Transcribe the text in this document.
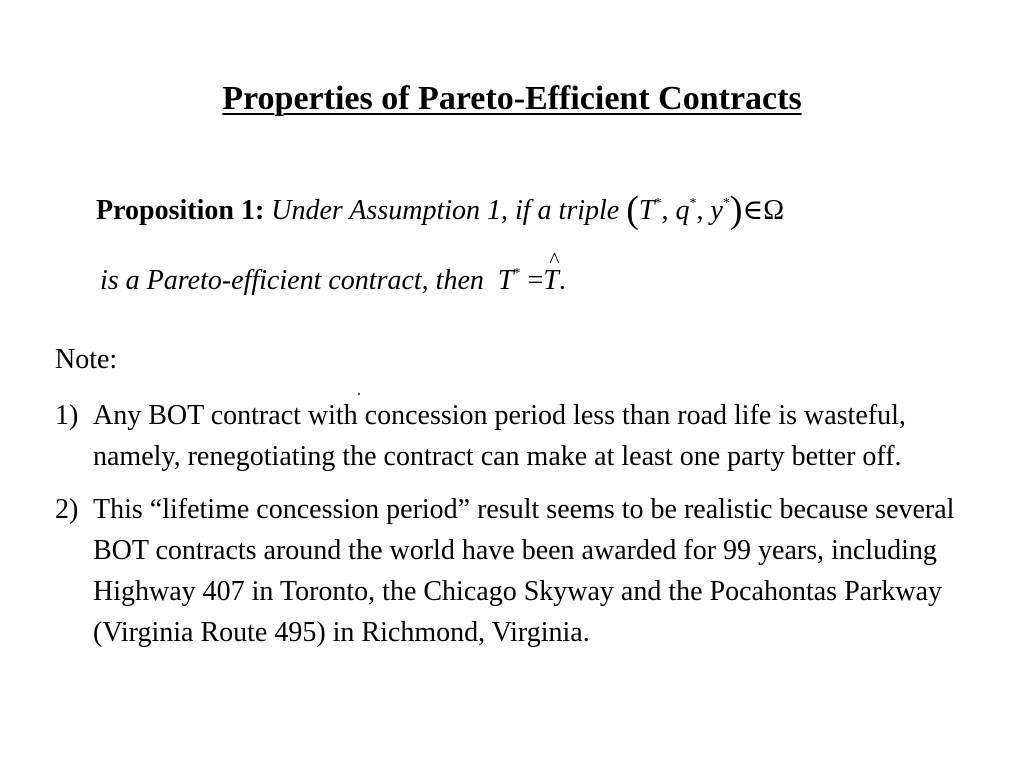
Properties of Pareto-Efficient Contracts
Proposition 1: Under Assumption 1, if a triple (T*, q*, y*)∈Ω
is a Pareto-efficient contract, then T* =
^
T.
Note:
1) Any BOT contract with concession period less than road life is wasteful, namely, renegotiating the contract can make at least one party better off.
2) This “lifetime concession period” result seems to be realistic because several BOT contracts around the world have been awarded for 99 years, including Highway 407 in Toronto, the Chicago Skyway and the Pocahontas Parkway (Virginia Route 495) in Richmond, Virginia.
